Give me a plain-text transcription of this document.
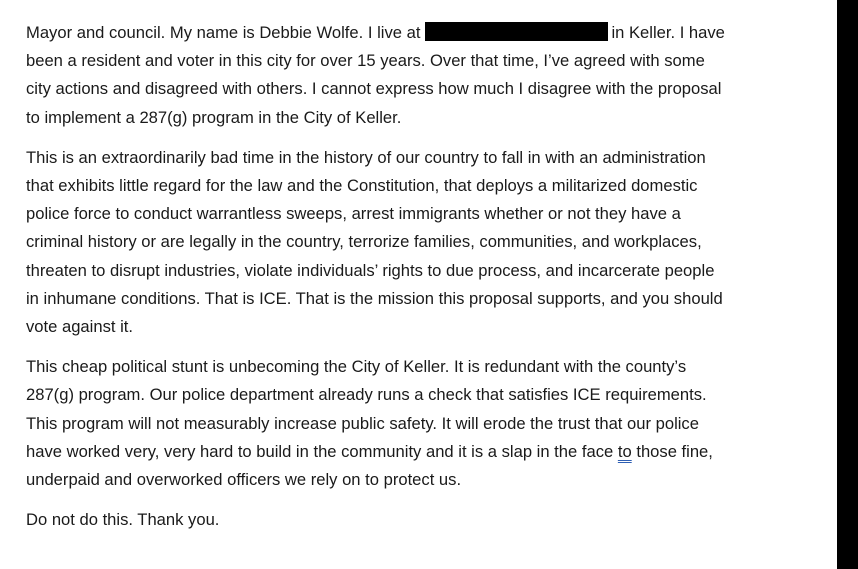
Mayor and council. My name is Debbie Wolfe. I live at	in Keller. I have
been a resident and voter in this city for over 15 years. Over that time, I’ve agreed with some
city actions and disagreed with others. I cannot express how much I disagree with the proposal
to implement a 287(g) program in the City of Keller.

This is an extraordinarily bad time in the history of our country to fall in with an administration
that exhibits little regard for the law and the Constitution, that deploys a militarized domestic
police force to conduct warrantless sweeps, arrest immigrants whether or not they have a
criminal history or are legally in the country, terrorize families, communities, and workplaces,
threaten to disrupt industries, violate individuals’ rights to due process, and incarcerate people
in inhumane conditions. That is ICE. That is the mission this proposal supports, and you should
vote against it.

This cheap political stunt is unbecoming the City of Keller. It is redundant with the county’s
287(g) program. Our police department already runs a check that satisfies ICE requirements.
This program will not measurably increase public safety. It will erode the trust that our police
have worked very, very hard to build in the community and it is a slap in the face to those fine,
underpaid and overworked officers we rely on to protect us.

Do not do this. Thank you.
